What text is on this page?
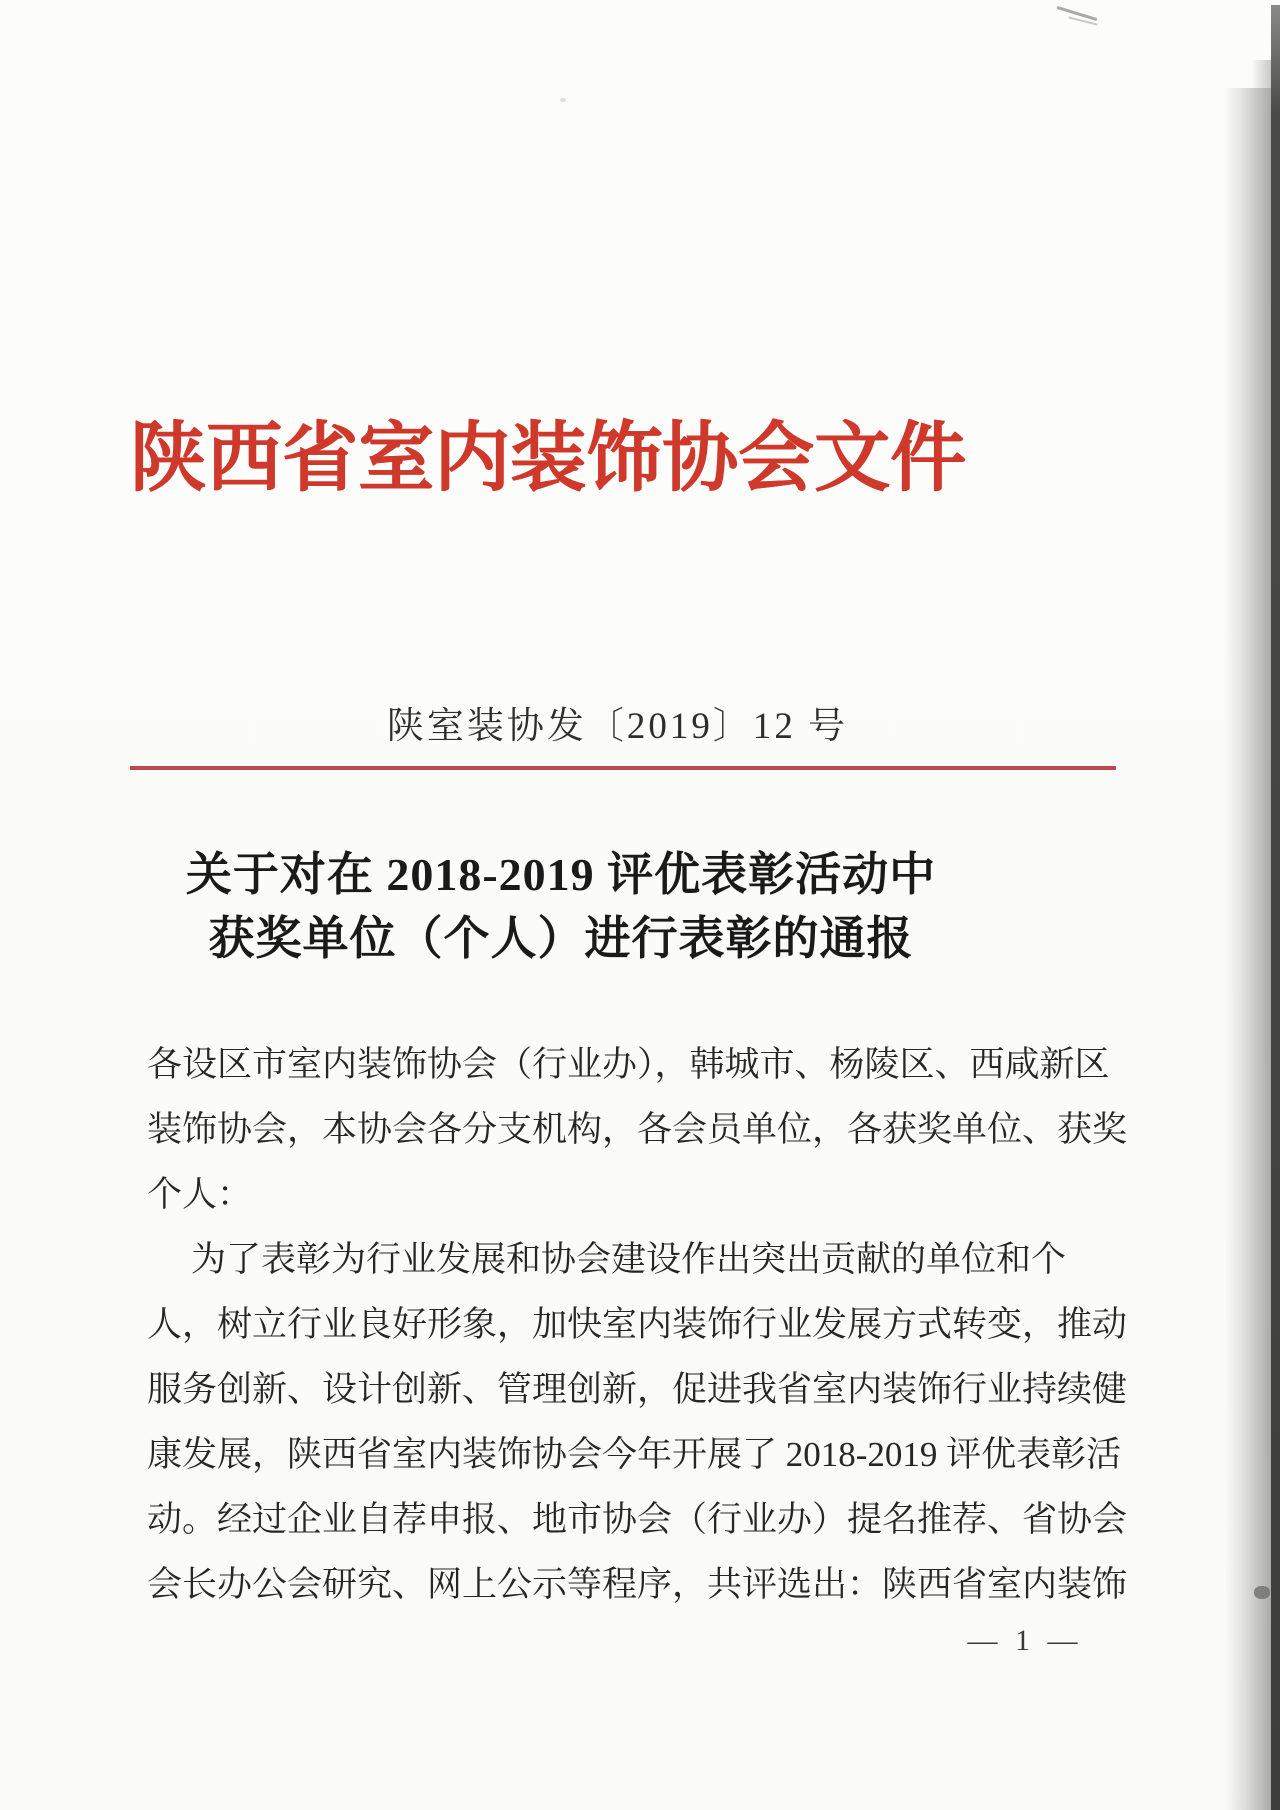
陕西省室内装饰协会文件
陕室装协发〔2019〕12 号
关于对在 2018-2019 评优表彰活动中
获奖单位（个人）进行表彰的通报
各设区市室内装饰协会（行业办），韩城市、杨陵区、西咸新区
装饰协会，本协会各分支机构，各会员单位，各获奖单位、获奖
个人：
为了表彰为行业发展和协会建设作出突出贡献的单位和个
人，树立行业良好形象，加快室内装饰行业发展方式转变，推动
服务创新、设计创新、管理创新，促进我省室内装饰行业持续健
康发展，陕西省室内装饰协会今年开展了 2018-2019 评优表彰活
动。经过企业自荐申报、地市协会（行业办）提名推荐、省协会
会长办公会研究、网上公示等程序，共评选出：陕西省室内装饰
— 1 —
